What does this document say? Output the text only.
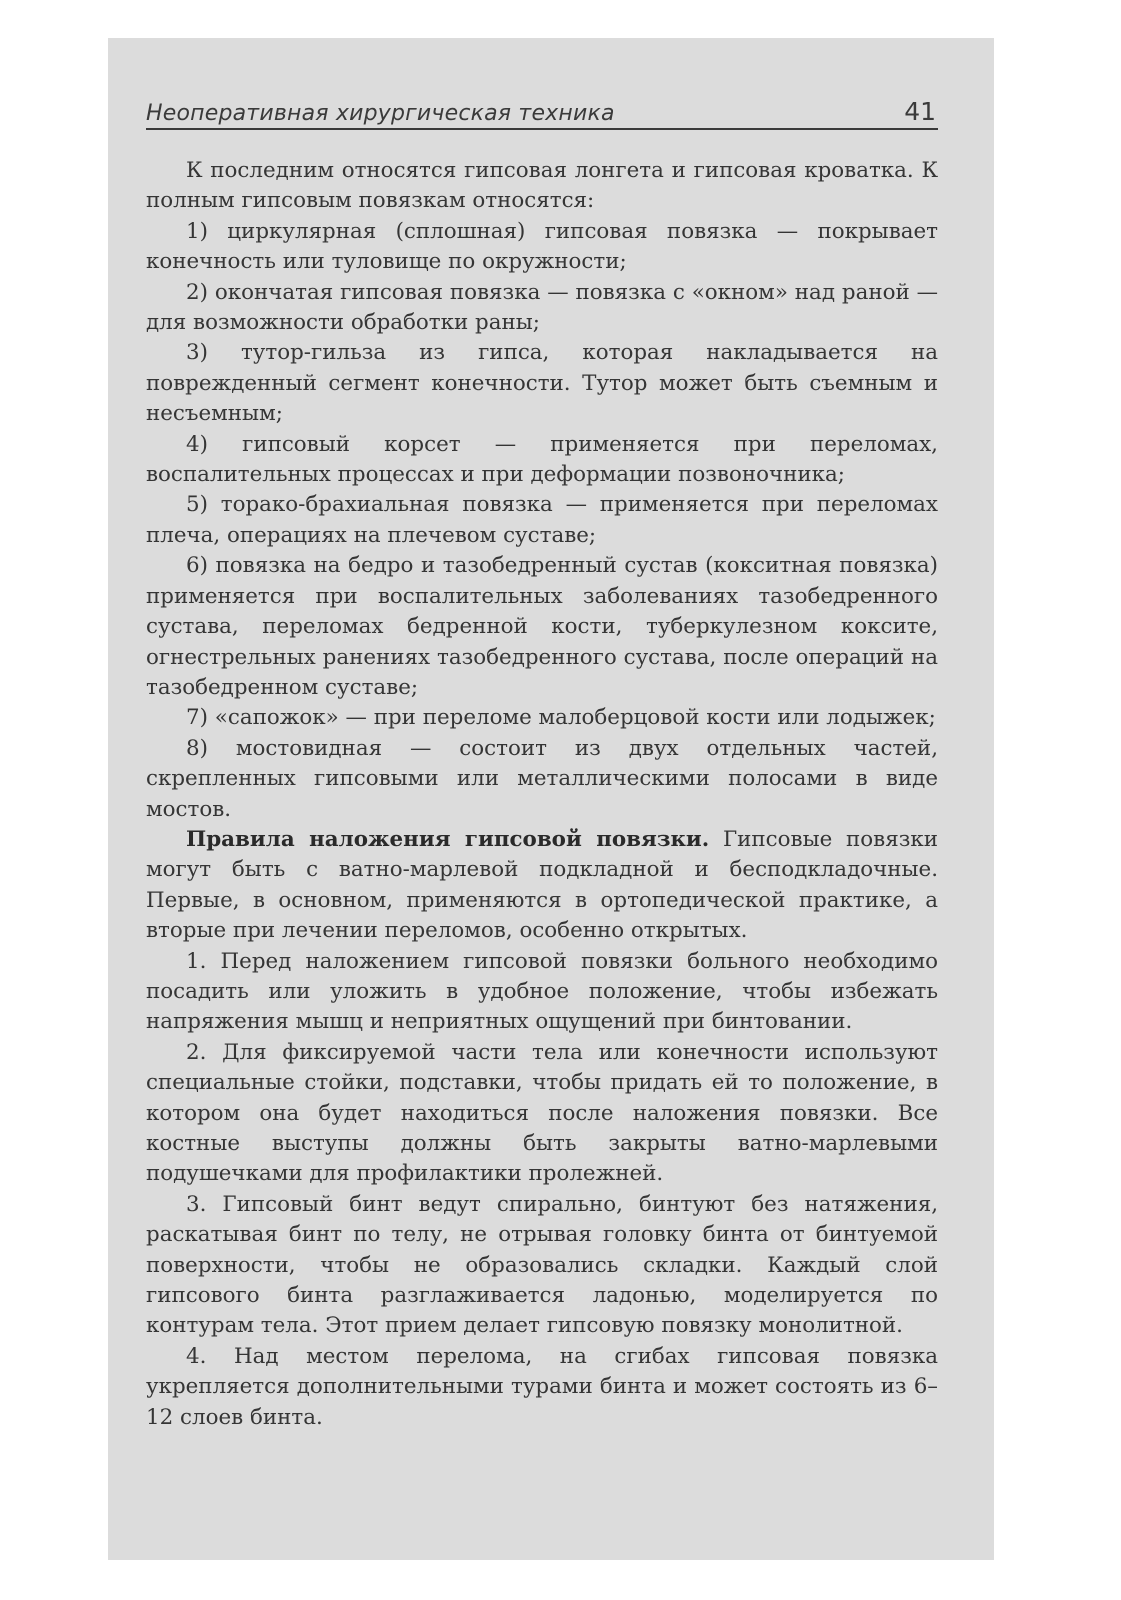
Неоперативная хирургическая техника	41

К последним относятся гипсовая лонгета и гипсовая кроватка. К полным гипсовым повязкам относятся:

1) циркулярная (сплошная) гипсовая повязка — покрывает конечность или туловище по окружности;

2) окончатая гипсовая повязка — повязка с «окном» над раной — для возможности обработки раны;

3) тутор-гильза из гипса, которая накладывается на поврежденный сегмент конечности. Тутор может быть съемным и несъемным;

4) гипсовый корсет — применяется при переломах, воспалительных процессах и при деформации позвоночника;

5) торако-брахиальная повязка — применяется при переломах плеча, операциях на плечевом суставе;

6) повязка на бедро и тазобедренный сустав (кокситная повязка) применяется при воспалительных заболеваниях тазобедренного сустава, переломах бедренной кости, туберкулезном коксите, огнестрельных ранениях тазобедренного сустава, после операций на тазобедренном суставе;

7) «сапожок» — при переломе малоберцовой кости или лодыжек;

8) мостовидная — состоит из двух отдельных частей, скрепленных гипсовыми или металлическими полосами в виде мостов.

Правила наложения гипсовой повязки. Гипсовые повязки могут быть с ватно-марлевой подкладной и бесподкладочные. Первые, в основном, применяются в ортопедической практике, а вторые при лечении переломов, особенно открытых.

1. Перед наложением гипсовой повязки больного необходимо посадить или уложить в удобное положение, чтобы избежать напряжения мышц и неприятных ощущений при бинтовании.

2. Для фиксируемой части тела или конечности используют специальные стойки, подставки, чтобы придать ей то положение, в котором она будет находиться после наложения повязки. Все костные выступы должны быть закрыты ватно-марлевыми подушечками для профилактики пролежней.

3. Гипсовый бинт ведут спирально, бинтуют без натяжения, раскатывая бинт по телу, не отрывая головку бинта от бинтуемой поверхности, чтобы не образовались складки. Каждый слой гипсового бинта разглаживается ладонью, моделируется по контурам тела. Этот прием делает гипсовую повязку монолитной.

4. Над местом перелома, на сгибах гипсовая повязка укрепляется дополнительными турами бинта и может состоять из 6–12 слоев бинта.
